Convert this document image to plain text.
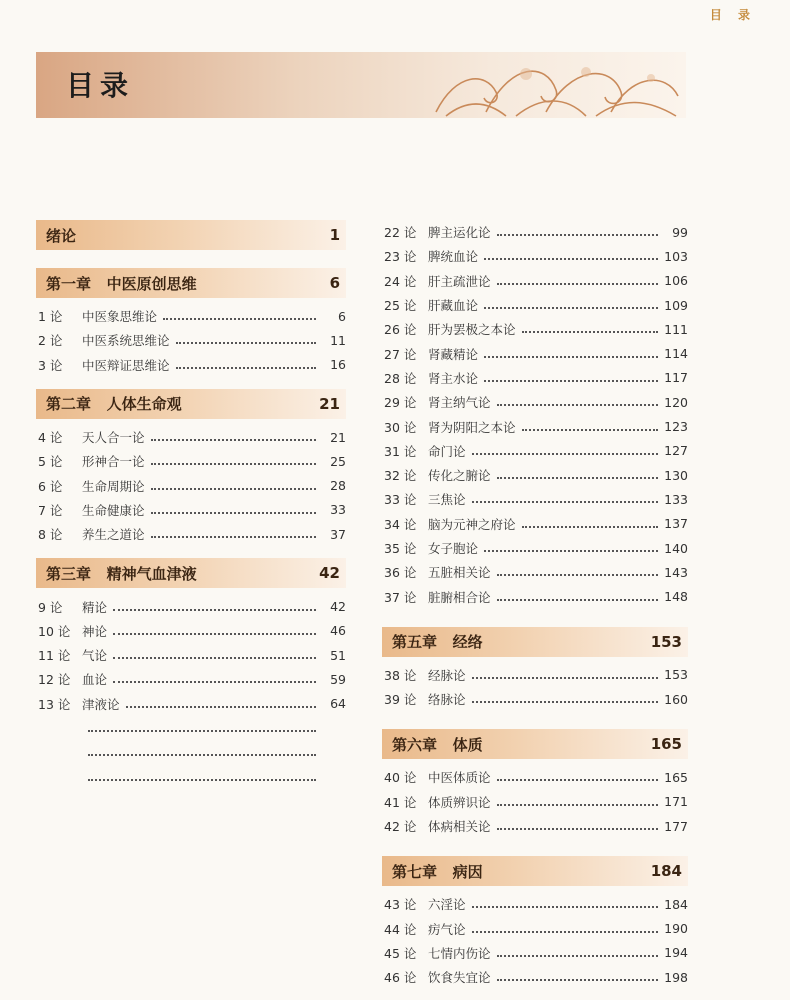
目 录
目录
绪论	1
第一章   中医原创思维	6
1 论	中医象思维论	6
2 论	中医系统思维论	11
3 论	中医辩证思维论	16
第二章   人体生命观	21
4 论	天人合一论	21
5 论	形神合一论	25
6 论	生命周期论	28
7 论	生命健康论	33
8 论	养生之道论	37
第三章   精神气血津液	42
9 论	精论	42
10 论 神论	46
11 论 气论	51
12 论 血论	59
13 论 津液论	64
22 论 脾主运化论	99
23 论 脾统血论	103
24 论 肝主疏泄论	106
25 论 肝藏血论	109
26 论 肝为罢极之本论	111
27 论 肾藏精论	114
28 论 肾主水论	117
29 论 肾主纳气论	120
30 论 肾为阴阳之本论	123
31 论 命门论	127
32 论 传化之腑论	130
33 论 三焦论	133
34 论 脑为元神之府论	137
35 论 女子胞论	140
36 论 五脏相关论	143
37 论 脏腑相合论	148
第五章   经络	153
38 论 经脉论	153
39 论 络脉论	160
第六章   体质	165
40 论 中医体质论	165
41 论 体质辨识论	171
42 论 体病相关论	177
第七章   病因	184
43 论 六淫论	184
44 论 疠气论	190
45 论 七情内伤论	194
46 论 饮食失宜论	198
